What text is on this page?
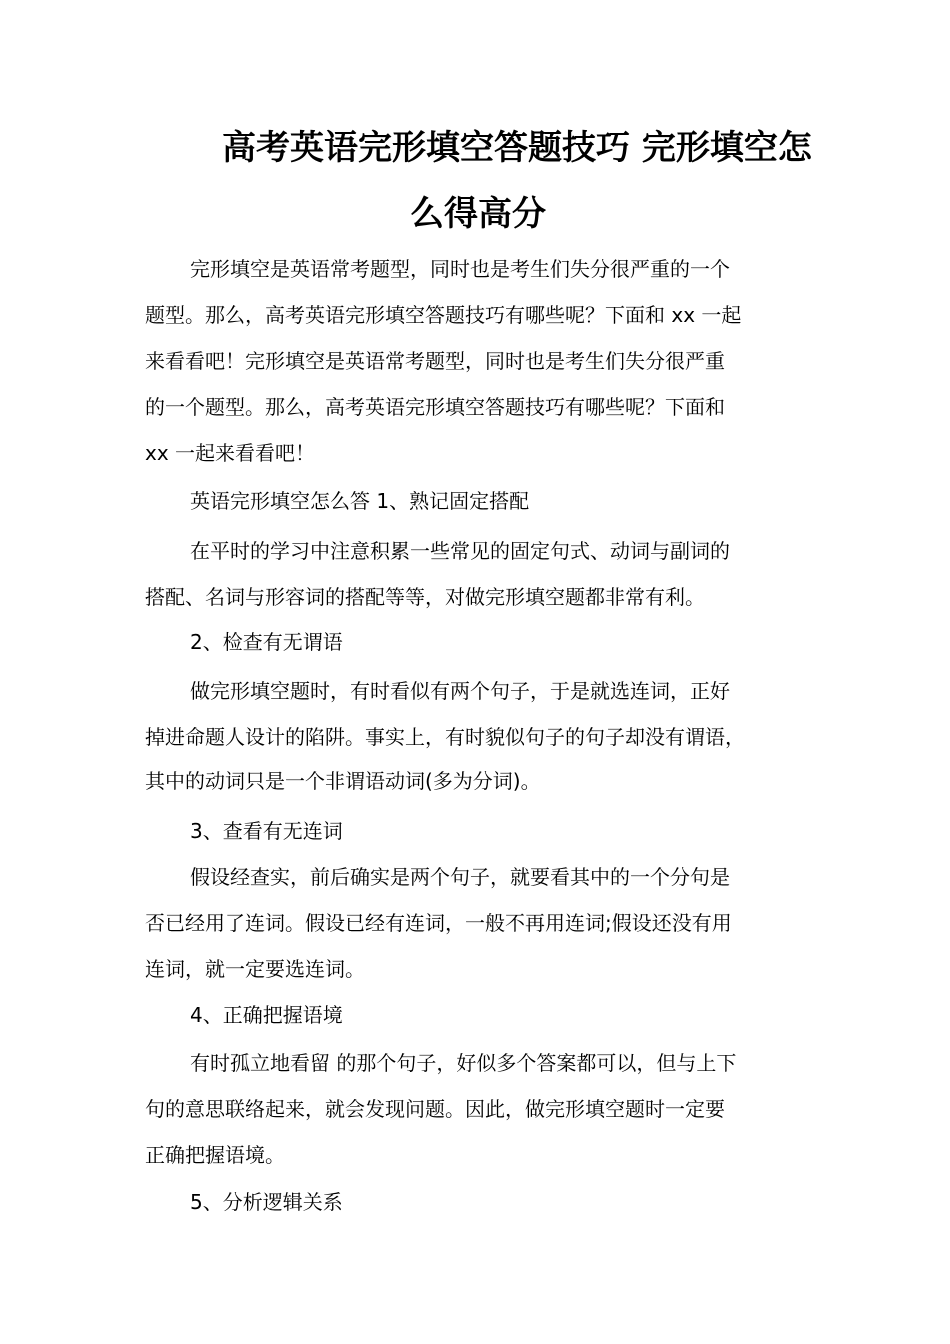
高考英语完形填空答题技巧 完形填空怎
么得高分
完形填空是英语常考题型，同时也是考生们失分很严重的一个
题型。那么，高考英语完形填空答题技巧有哪些呢？下面和 xx 一起
来看看吧！完形填空是英语常考题型，同时也是考生们失分很严重
的一个题型。那么，高考英语完形填空答题技巧有哪些呢？下面和
xx 一起来看看吧！
英语完形填空怎么答 1、熟记固定搭配
在平时的学习中注意积累一些常见的固定句式、动词与副词的
搭配、名词与形容词的搭配等等，对做完形填空题都非常有利。
2、检查有无谓语
做完形填空题时，有时看似有两个句子，于是就选连词，正好
掉进命题人设计的陷阱。事实上，有时貌似句子的句子却没有谓语，
其中的动词只是一个非谓语动词(多为分词)。
3、查看有无连词
假设经查实，前后确实是两个句子，就要看其中的一个分句是
否已经用了连词。假设已经有连词，一般不再用连词;假设还没有用
连词，就一定要选连词。
4、正确把握语境
有时孤立地看留 的那个句子，好似多个答案都可以，但与上下
句的意思联络起来，就会发现问题。因此，做完形填空题时一定要
正确把握语境。
5、分析逻辑关系
